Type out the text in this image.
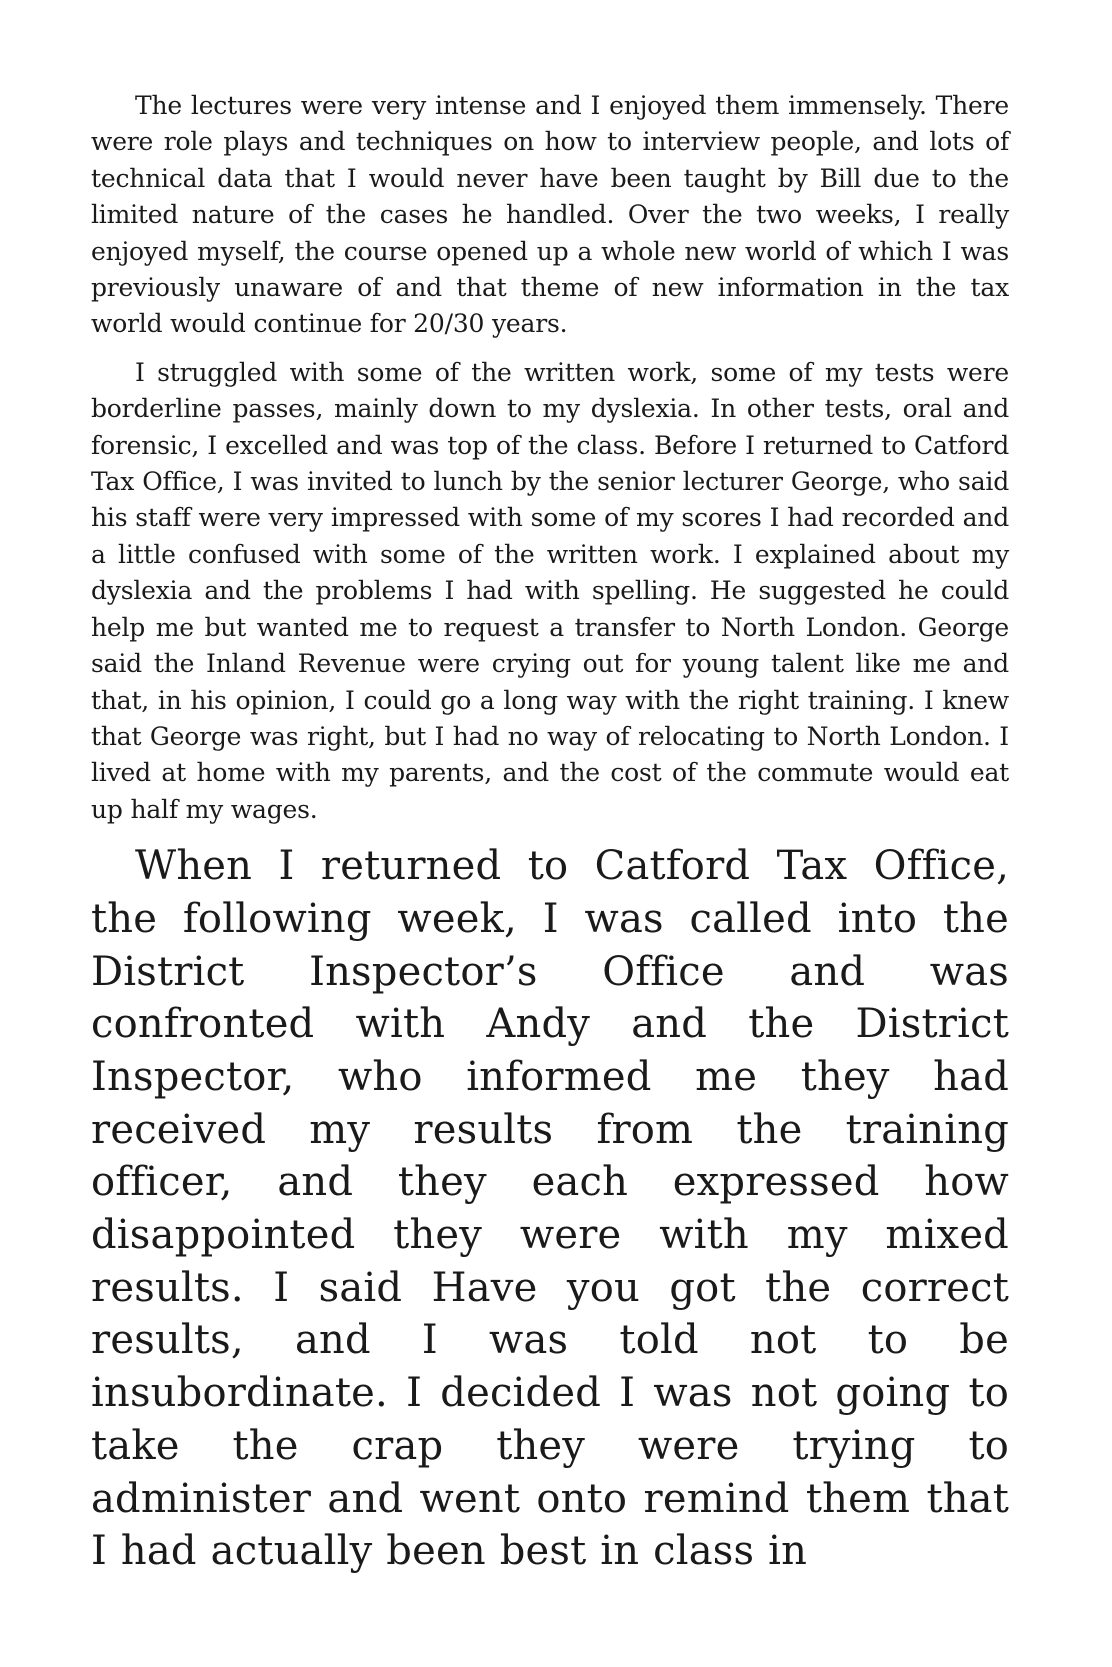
The lectures were very intense and I enjoyed them immensely. There were role plays and techniques on how to interview people, and lots of technical data that I would never have been taught by Bill due to the limited nature of the cases he handled. Over the two weeks, I really enjoyed myself, the course opened up a whole new world of which I was previously unaware of and that theme of new information in the tax world would continue for 20/30 years.

I struggled with some of the written work, some of my tests were borderline passes, mainly down to my dyslexia. In other tests, oral and forensic, I excelled and was top of the class. Before I returned to Catford Tax Office, I was invited to lunch by the senior lecturer George, who said his staff were very impressed with some of my scores I had recorded and a little confused with some of the written work. I explained about my dyslexia and the problems I had with spelling. He suggested he could help me but wanted me to request a transfer to North London. George said the Inland Revenue were crying out for young talent like me and that, in his opinion, I could go a long way with the right training. I knew that George was right, but I had no way of relocating to North London. I lived at home with my parents, and the cost of the commute would eat up half my wages.

When I returned to Catford Tax Office, the following week, I was called into the District Inspector’s Office and was confronted with Andy and the District Inspector, who informed me they had received my results from the training officer, and they each expressed how disappointed they were with my mixed results. I said Have you got the correct results, and I was told not to be insubordinate. I decided I was not going to take the crap they were trying to administer and went onto remind them that I had actually been best in class in
